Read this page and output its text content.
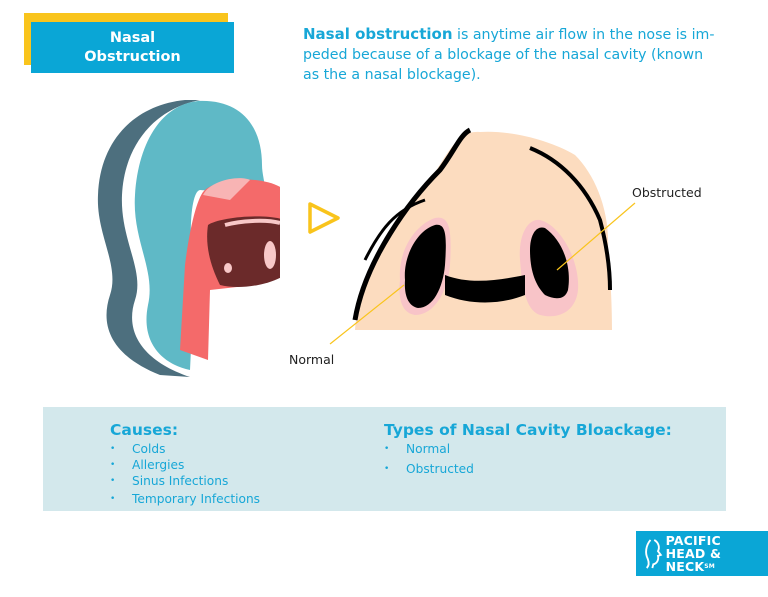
Nasal
Obstruction

Nasal obstruction is anytime air flow in the nose is im-peded because of a blockage of the nasal cavity (known as the a nasal blockage).

Normal
Obstructed
Causes:
•	Colds
•	Allergies
•	Sinus Infections
•	Temporary Infections
Types of Nasal Cavity Bloackage:
•	Normal
•	Obstructed
PACIFIC
HEAD & NECK℠
